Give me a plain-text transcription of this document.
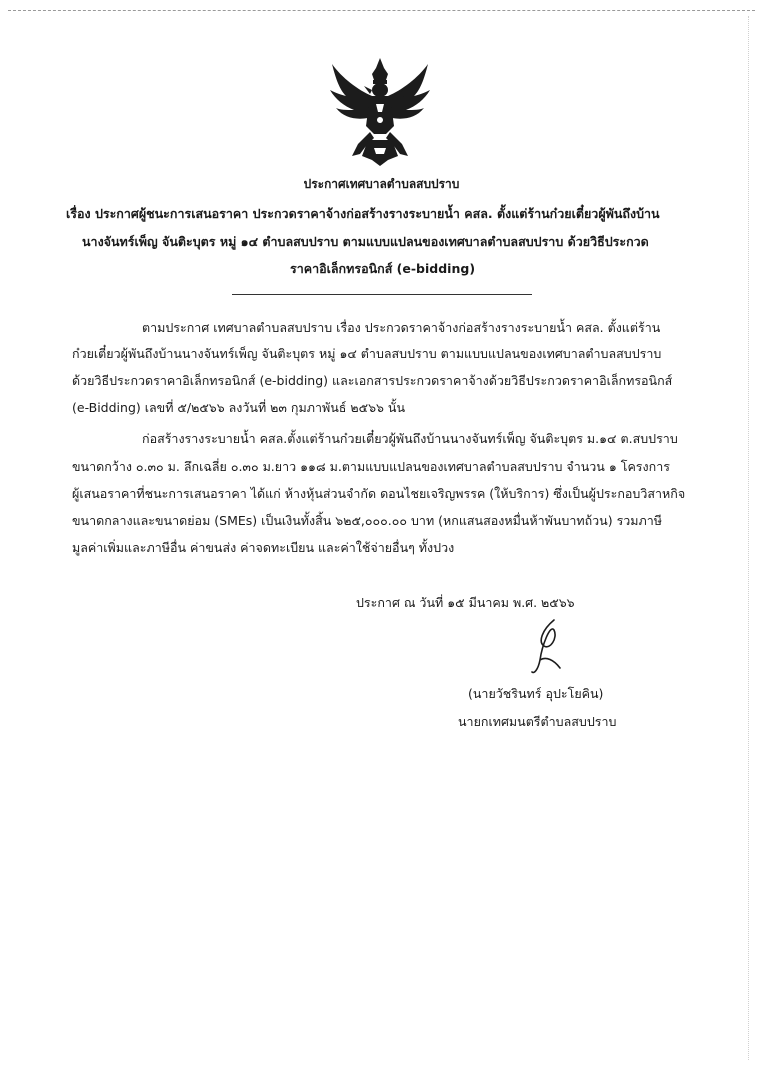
ประกาศเทศบาลตำบลสบปราบ
เรื่อง ประกาศผู้ชนะการเสนอราคา ประกวดราคาจ้างก่อสร้างรางระบายน้ำ คสล. ตั้งแต่ร้านก๋วยเตี๋ยวผู้พันถึงบ้าน
นางจันทร์เพ็ญ จันติะบุตร หมู่ ๑๔ ตำบลสบปราบ ตามแบบแปลนของเทศบาลตำบลสบปราบ ด้วยวิธีประกวด
ราคาอิเล็กทรอนิกส์ (e-bidding)
ตามประกาศ เทศบาลตำบลสบปราบ เรื่อง ประกวดราคาจ้างก่อสร้างรางระบายน้ำ คสล. ตั้งแต่ร้าน
ก๋วยเตี๋ยวผู้พันถึงบ้านนางจันทร์เพ็ญ จันติะบุตร หมู่ ๑๔ ตำบลสบปราบ ตามแบบแปลนของเทศบาลตำบลสบปราบ
ด้วยวิธีประกวดราคาอิเล็กทรอนิกส์ (e-bidding) และเอกสารประกวดราคาจ้างด้วยวิธีประกวดราคาอิเล็กทรอนิกส์
(e-Bidding) เลขที่ ๕/๒๕๖๖ ลงวันที่ ๒๓ กุมภาพันธ์ ๒๕๖๖ นั้น
ก่อสร้างรางระบายน้ำ คสล.ตั้งแต่ร้านก๋วยเตี๋ยวผู้พันถึงบ้านนางจันทร์เพ็ญ จันติะบุตร ม.๑๔ ต.สบปราบ
ขนาดกว้าง ๐.๓๐ ม. ลึกเฉลี่ย ๐.๓๐ ม.ยาว ๑๑๘ ม.ตามแบบแปลนของเทศบาลตำบลสบปราบ จำนวน ๑ โครงการ
ผู้เสนอราคาที่ชนะการเสนอราคา ได้แก่ ห้างหุ้นส่วนจำกัด ดอนไชยเจริญพรรค (ให้บริการ) ซึ่งเป็นผู้ประกอบวิสาหกิจ
ขนาดกลางและขนาดย่อม (SMEs) เป็นเงินทั้งสิ้น ๖๒๕,๐๐๐.๐๐ บาท (หกแสนสองหมื่นห้าพันบาทถ้วน) รวมภาษี
มูลค่าเพิ่มและภาษีอื่น ค่าขนส่ง ค่าจดทะเบียน และค่าใช้จ่ายอื่นๆ ทั้งปวง
ประกาศ ณ วันที่ ๑๕ มีนาคม พ.ศ. ๒๕๖๖
(นายวัชรินทร์ อุปะโยคิน)
นายกเทศมนตรีตำบลสบปราบ
